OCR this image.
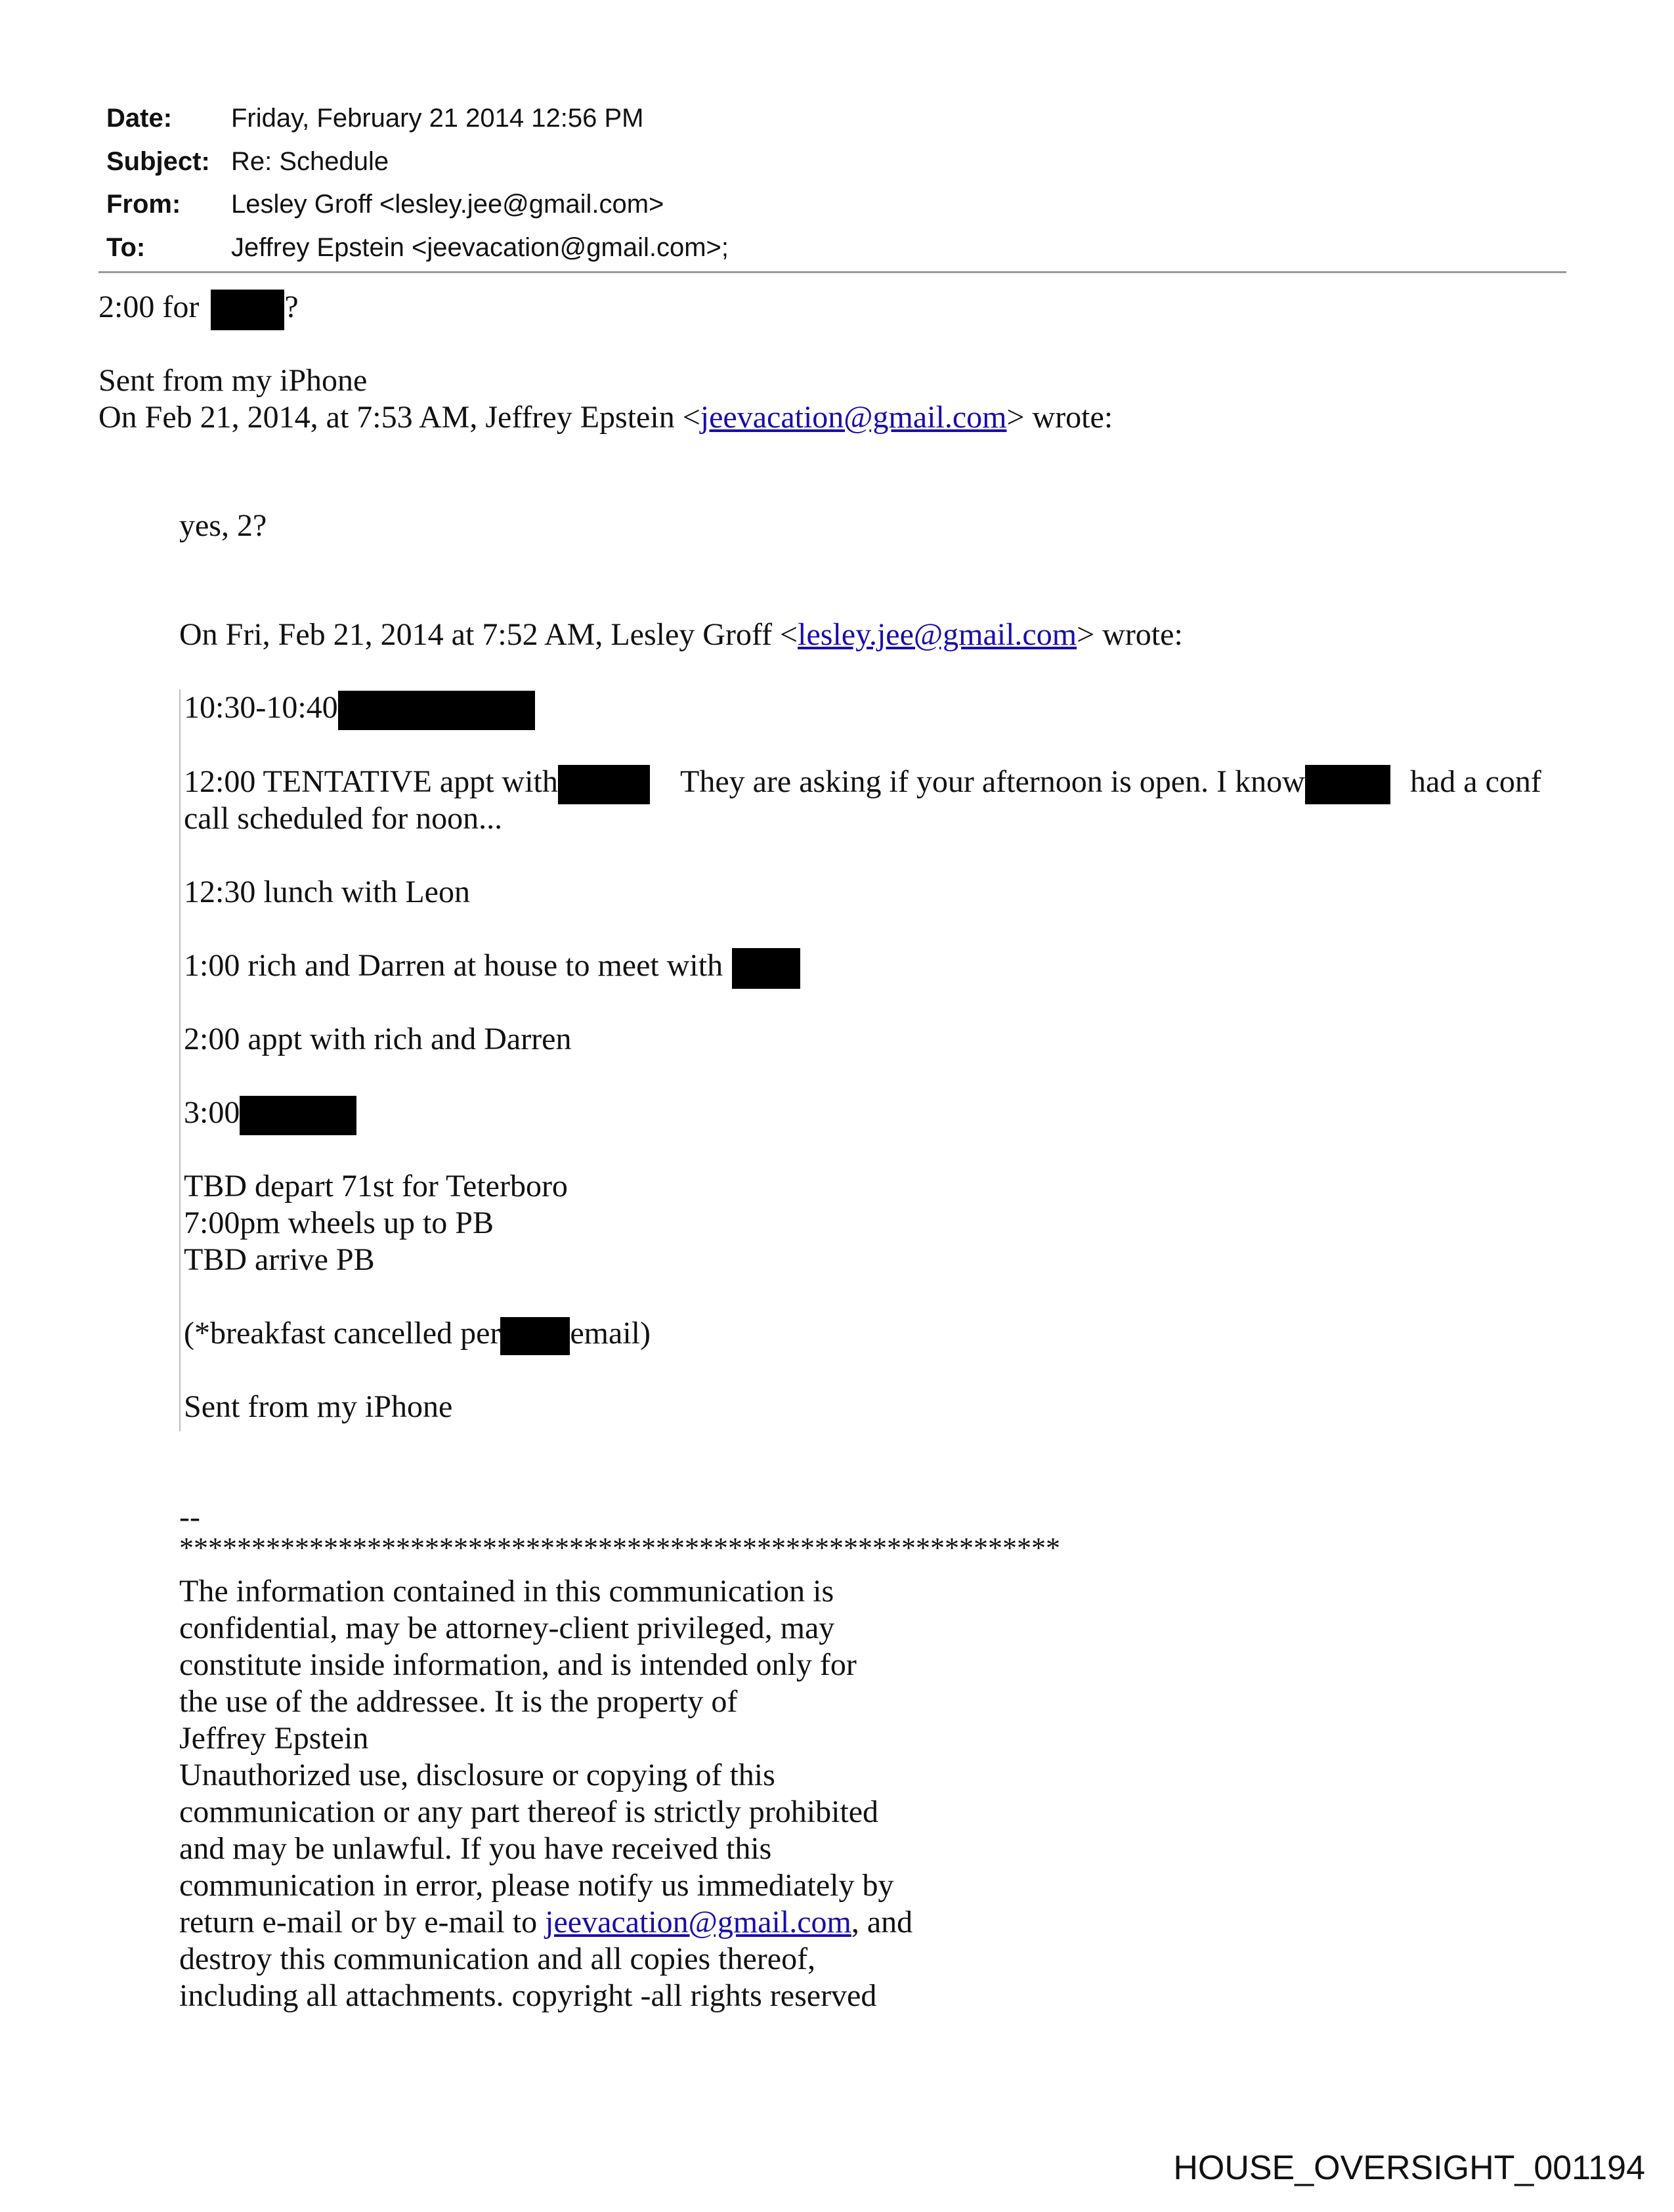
Date: Friday, February 21 2014 12:56 PM
Subject: Re: Schedule
From: Lesley Groff <lesley.jee@gmail.com>
To:	Jeffrey Epstein <jeevacation@gmail.com>;
2:00 for	?
Sent from my iPhone
On Feb 21, 2014, at 7:53 AM, Jeffrey Epstein <jeevacation@gmail.com> wrote:
yes, 2?
On Fri, Feb 21, 2014 at 7:52 AM, Lesley Groff <lesley.jee@gmail.com> wrote:
10:30-10:40
12:00 TENTATIVE appt with	They are asking if your afternoon is open. I know	had a conf
call scheduled for noon...
12:30 lunch with Leon
1:00 rich and Darren at house to meet with
2:00 appt with rich and Darren
3:00
TBD depart 71st for Teterboro
7:00pm wheels up to PB
TBD arrive PB
(*breakfast cancelled per email)
Sent from my iPhone
--
*************************************************************
The information contained in this communication is
confidential, may be attorney-client privileged, may
constitute inside information, and is intended only for
the use of the addressee. It is the property of
Jeffrey Epstein
Unauthorized use, disclosure or copying of this
communication or any part thereof is strictly prohibited
and may be unlawful. If you have received this
communication in error, please notify us immediately by
return e-mail or by e-mail to jeevacation@gmail.com, and
destroy this communication and all copies thereof,
including all attachments. copyright -all rights reserved
HOUSE_OVERSIGHT_001194
